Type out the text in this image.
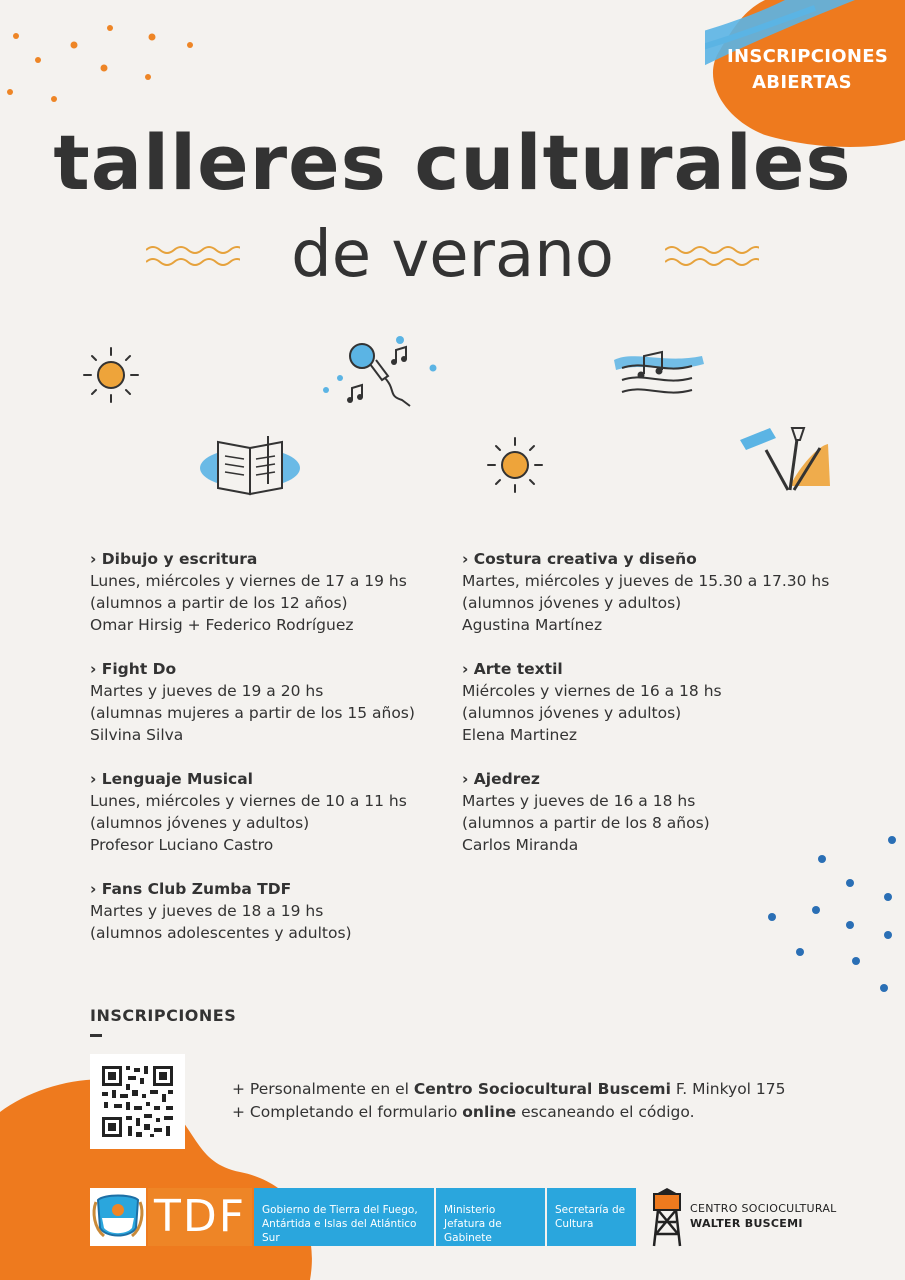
INSCRIPCIONES
ABIERTAS
talleres culturales
de verano
› Dibujo y escritura
Lunes, miércoles y viernes de 17 a 19 hs
(alumnos a partir de los 12 años)
Omar Hirsig + Federico Rodríguez
› Fight Do
Martes y jueves de 19 a 20 hs
(alumnas mujeres a partir de los 15 años)
Silvina Silva
› Lenguaje Musical
Lunes, miércoles y viernes de 10 a 11 hs
(alumnos jóvenes y adultos)
Profesor Luciano Castro
› Fans Club Zumba TDF
Martes y jueves de 18 a 19 hs
(alumnos adolescentes y adultos)
› Costura creativa y diseño
Martes, miércoles y jueves de 15.30 a 17.30 hs
(alumnos jóvenes y adultos)
Agustina Martínez
› Arte textil
Miércoles y viernes de 16 a 18 hs
(alumnos jóvenes y adultos)
Elena Martinez
› Ajedrez
Martes y jueves de 16 a 18 hs
(alumnos a partir de los 8 años)
Carlos Miranda
INSCRIPCIONES
+ Personalmente en el Centro Sociocultural Buscemi F. Minkyol 175
+ Completando el formulario online escaneando el código.
TDF	Gobierno de Tierra del Fuego, Antártida e Islas del Atlántico Sur
Ministerio Jefatura de Gabinete
Secretaría de Cultura
CENTRO SOCIOCULTURAL
WALTER BUSCEMI
